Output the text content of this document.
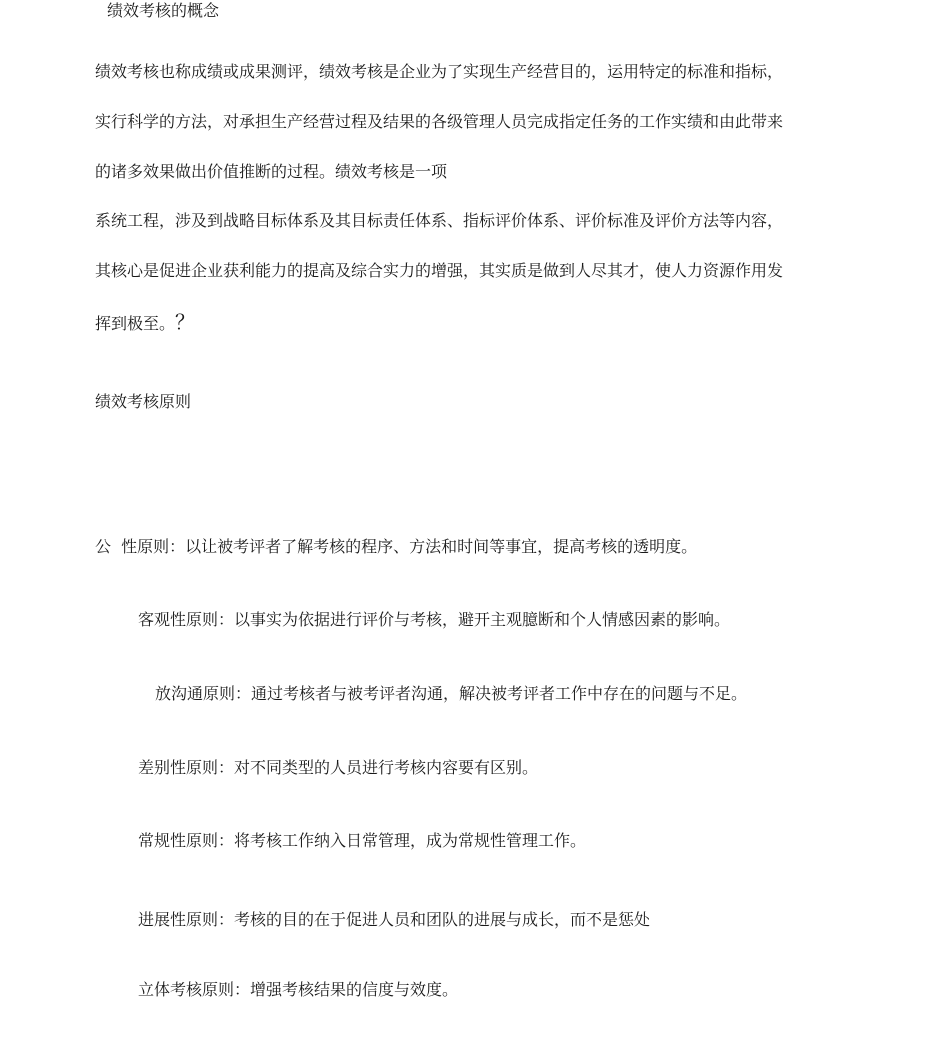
绩效考核的概念

绩效考核也称成绩或成果测评，绩效考核是企业为了实现生产经营目的，运用特定的标准和指标，

实行科学的方法，对承担生产经营过程及结果的各级管理人员完成指定任务的工作实绩和由此带来

的诸多效果做出价值推断的过程。绩效考核是一项

系统工程，涉及到战略目标体系及其目标责任体系、指标评价体系、评价标准及评价方法等内容，

其核心是促进企业获利能力的提高及综合实力的增强，其实质是做到人尽其才，使人力资源作用发

挥到极至。？

绩效考核原则

公  性原则：以让被考评者了解考核的程序、方法和时间等事宜，提高考核的透明度。

客观性原则：以事实为依据进行评价与考核，避开主观臆断和个人情感因素的影响。

放沟通原则：通过考核者与被考评者沟通，解决被考评者工作中存在的问题与不足。

差别性原则：对不同类型的人员进行考核内容要有区别。

常规性原则：将考核工作纳入日常管理，成为常规性管理工作。

进展性原则：考核的目的在于促进人员和团队的进展与成长，而不是惩处

立体考核原则：增强考核结果的信度与效度。
